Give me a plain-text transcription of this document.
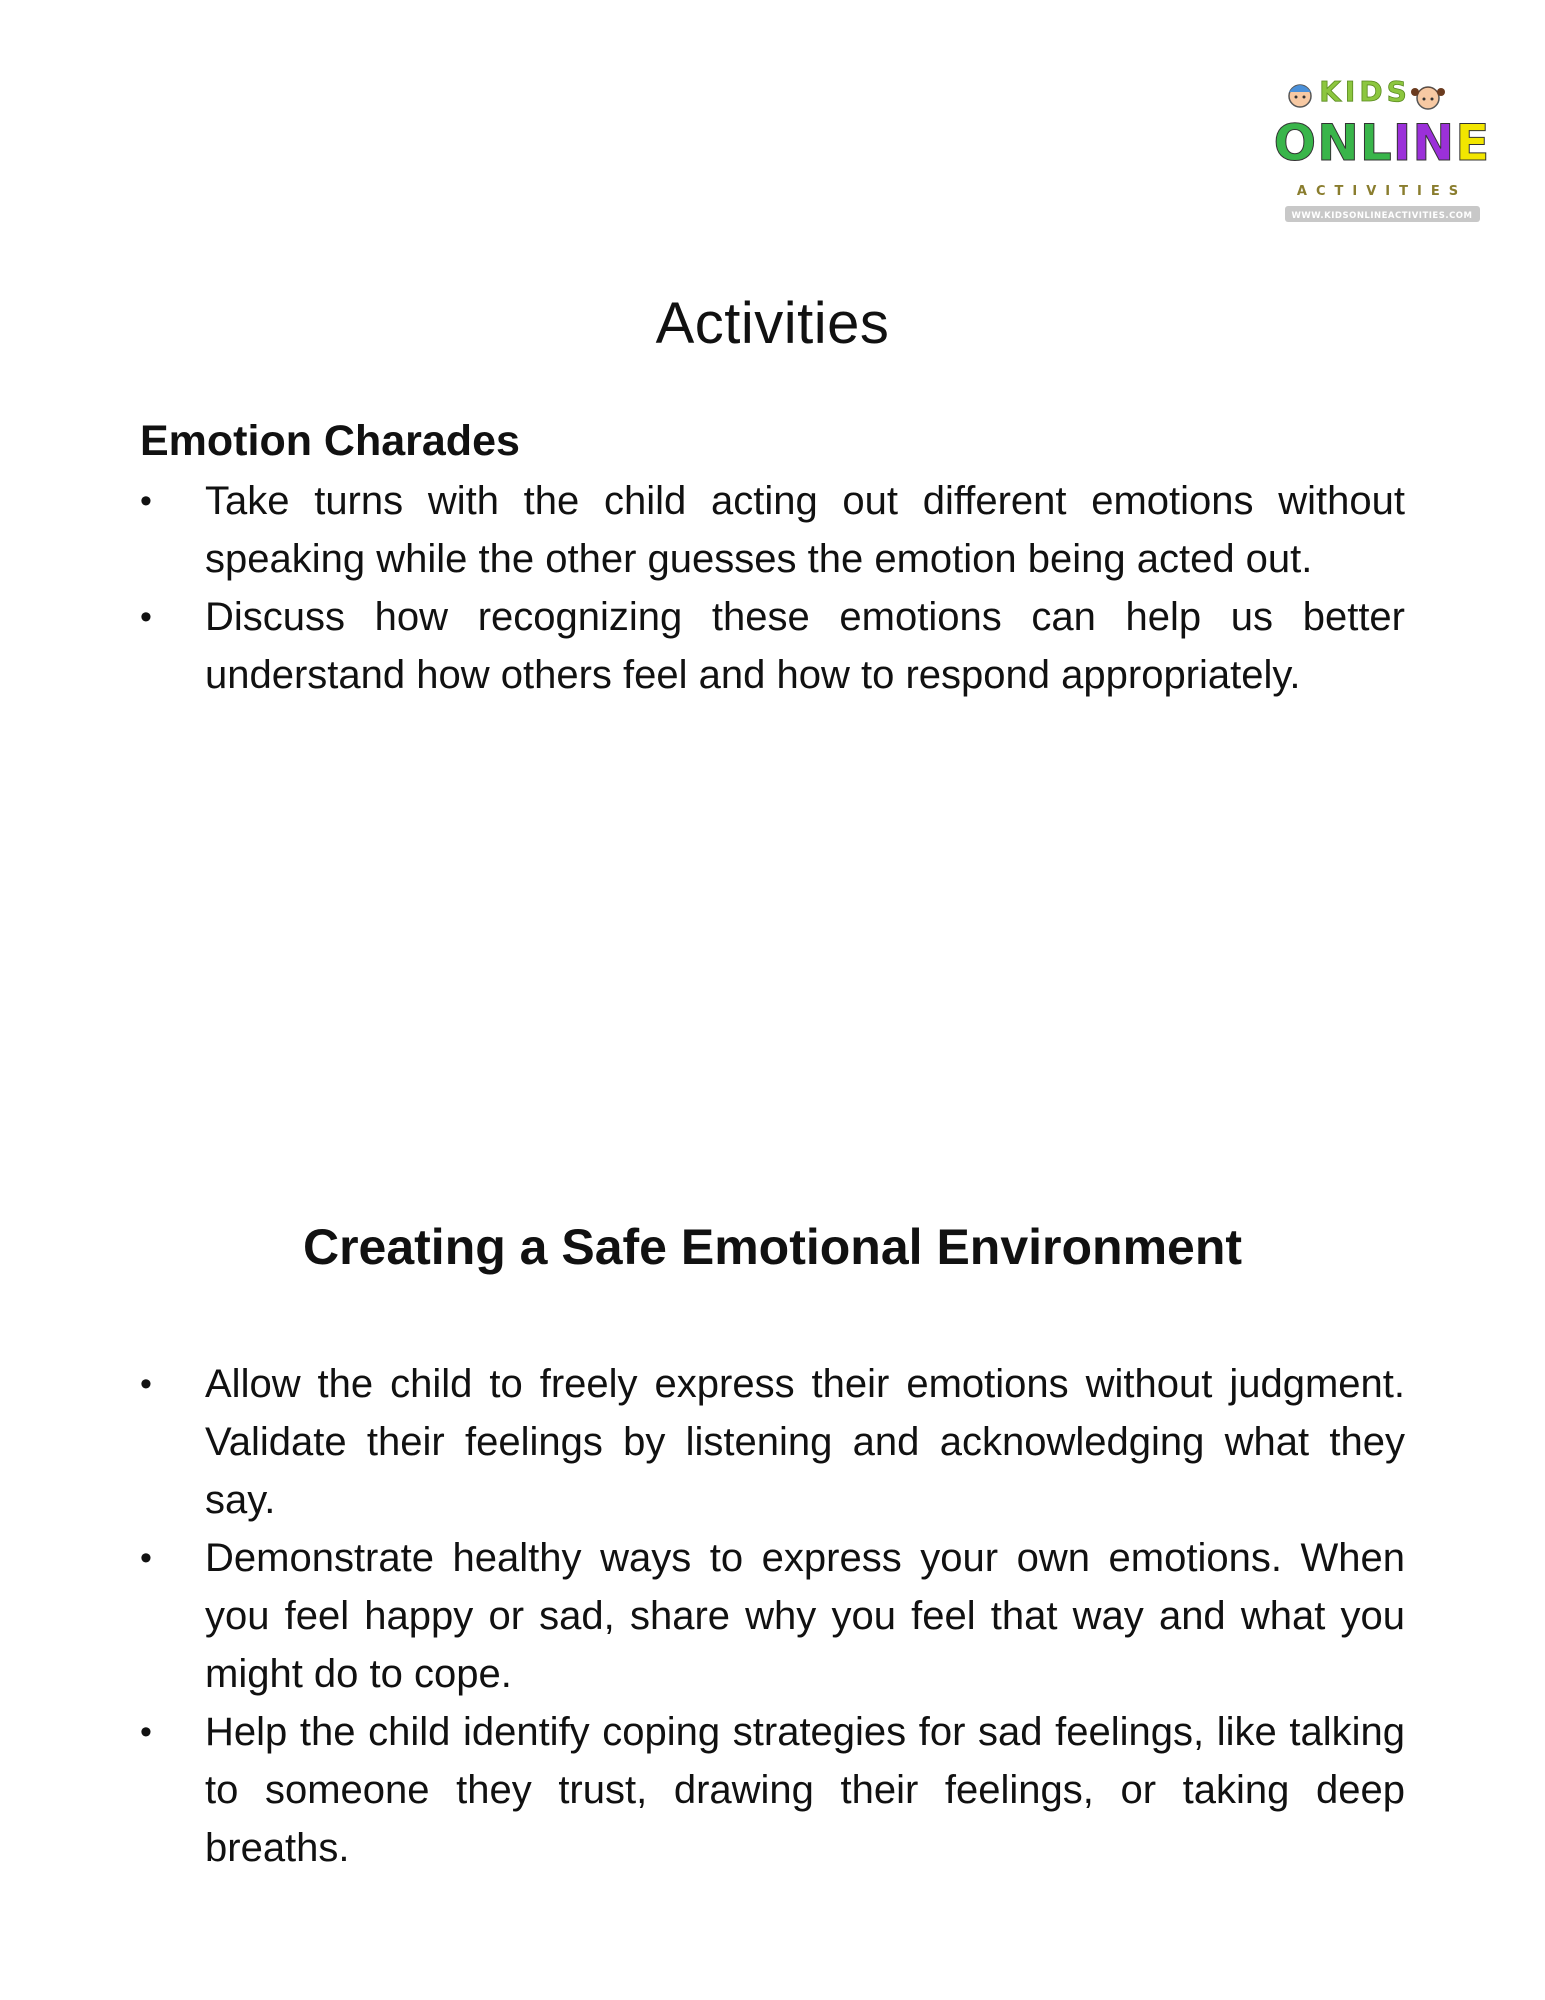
KIDS
ONLINE
ACTIVITIES
WWW.KIDSONLINEACTIVITIES.COM
Activities
Emotion Charades
•	Take turns with the child acting out different emotions without speaking while the other guesses the emotion being acted out.
•	Discuss how recognizing these emotions can help us better understand how others feel and how to respond appropriately.
Creating a Safe Emotional Environment
•	Allow the child to freely express their emotions without judgment. Validate their feelings by listening and acknowledging what they say.
•	Demonstrate healthy ways to express your own emotions. When you feel happy or sad, share why you feel that way and what you might do to cope.
•	Help the child identify coping strategies for sad feelings, like talking to someone they trust, drawing their feelings, or taking deep breaths.
